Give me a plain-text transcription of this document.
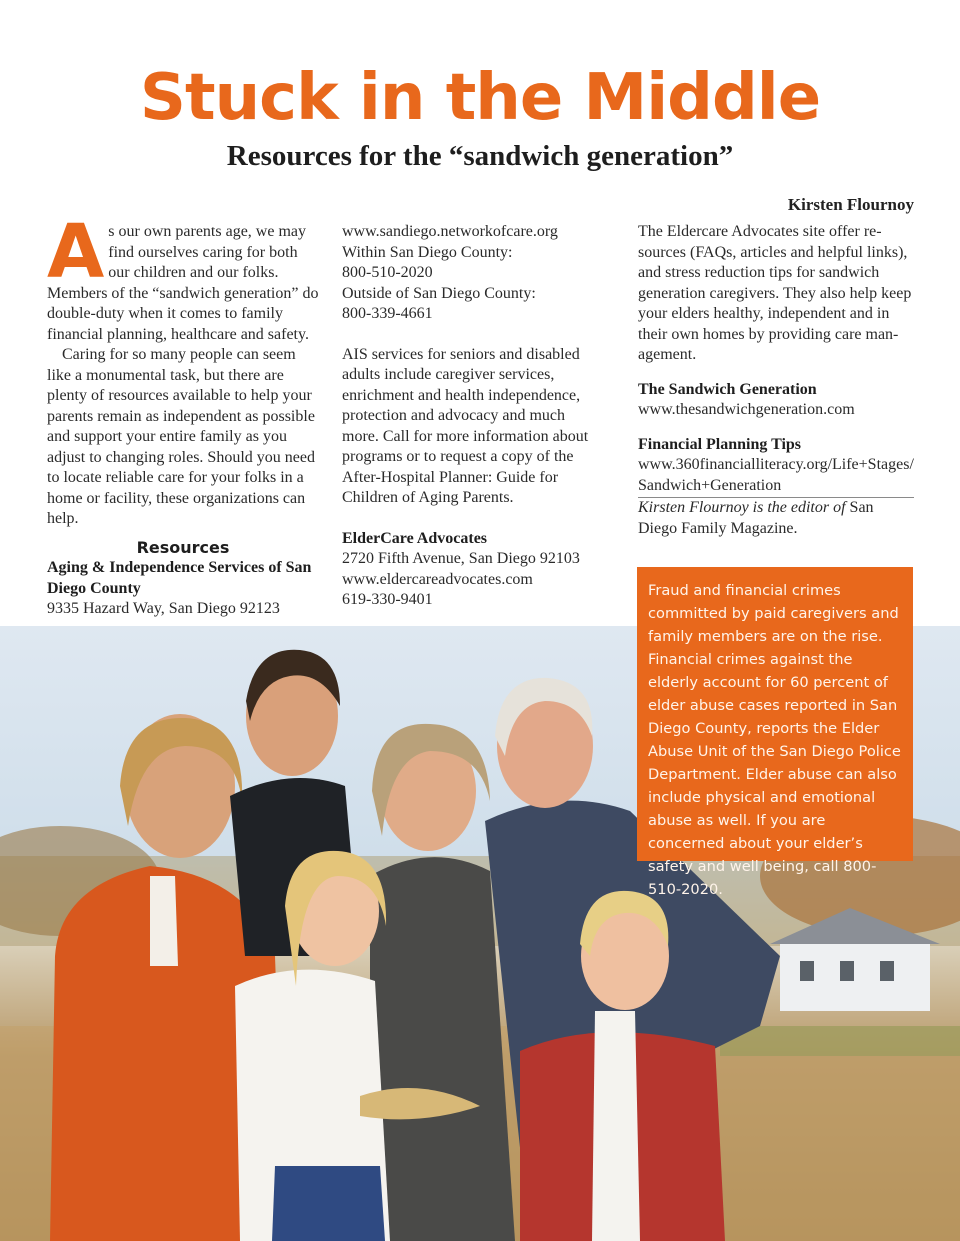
Stuck in the Middle
Resources for the “sandwich generation”
Kirsten Flournoy

As our own parents age, we may find ourselves caring for both our children and our folks. Members of the “sandwich generation” do double-duty when it comes to family financial planning, healthcare and safety.

Caring for so many people can seem like a monumental task, but there are plenty of resources available to help your parents remain as independent as possible and support your entire family as you adjust to changing roles. Should you need to locate reliable care for your folks in a home or facility, these organizations can help.

Resources

Aging & Independence Services of San Diego County

9335 Hazard Way, San Diego 92123

www.sandiego.networkofcare.org

Within San Diego County:

800-510-2020

Outside of San Diego County:

800-339-4661

AIS services for seniors and disabled adults include caregiver services, enrichment and health independence, protection and advocacy and much more. Call for more information about programs or to request a copy of the After-Hospital Planner: Guide for Children of Aging Parents.

ElderCare Advocates

2720 Fifth Avenue, San Diego 92103

www.eldercareadvocates.com

619-330-9401

The Eldercare Advocates site offer re-sources (FAQs, articles and helpful links), and stress reduction tips for sandwich generation caregivers. They also help keep your elders healthy, independent and in their own homes by providing care man-agement.

The Sandwich Generation

www.thesandwichgeneration.com

Financial Planning Tips

www.360financialliteracy.org/Life+Stages/

Sandwich+Generation

Kirsten Flournoy is the editor of San Diego Family Magazine.

Fraud and financial crimes committed by paid caregivers and family members are on the rise. Financial crimes against the elderly account for 60 percent of elder abuse cases reported in San Diego County, reports the Elder Abuse Unit of the San Diego Police Department. Elder abuse can also include physical and emotional abuse as well. If you are concerned about your elder’s safety and well being, call 800-510-2020.
